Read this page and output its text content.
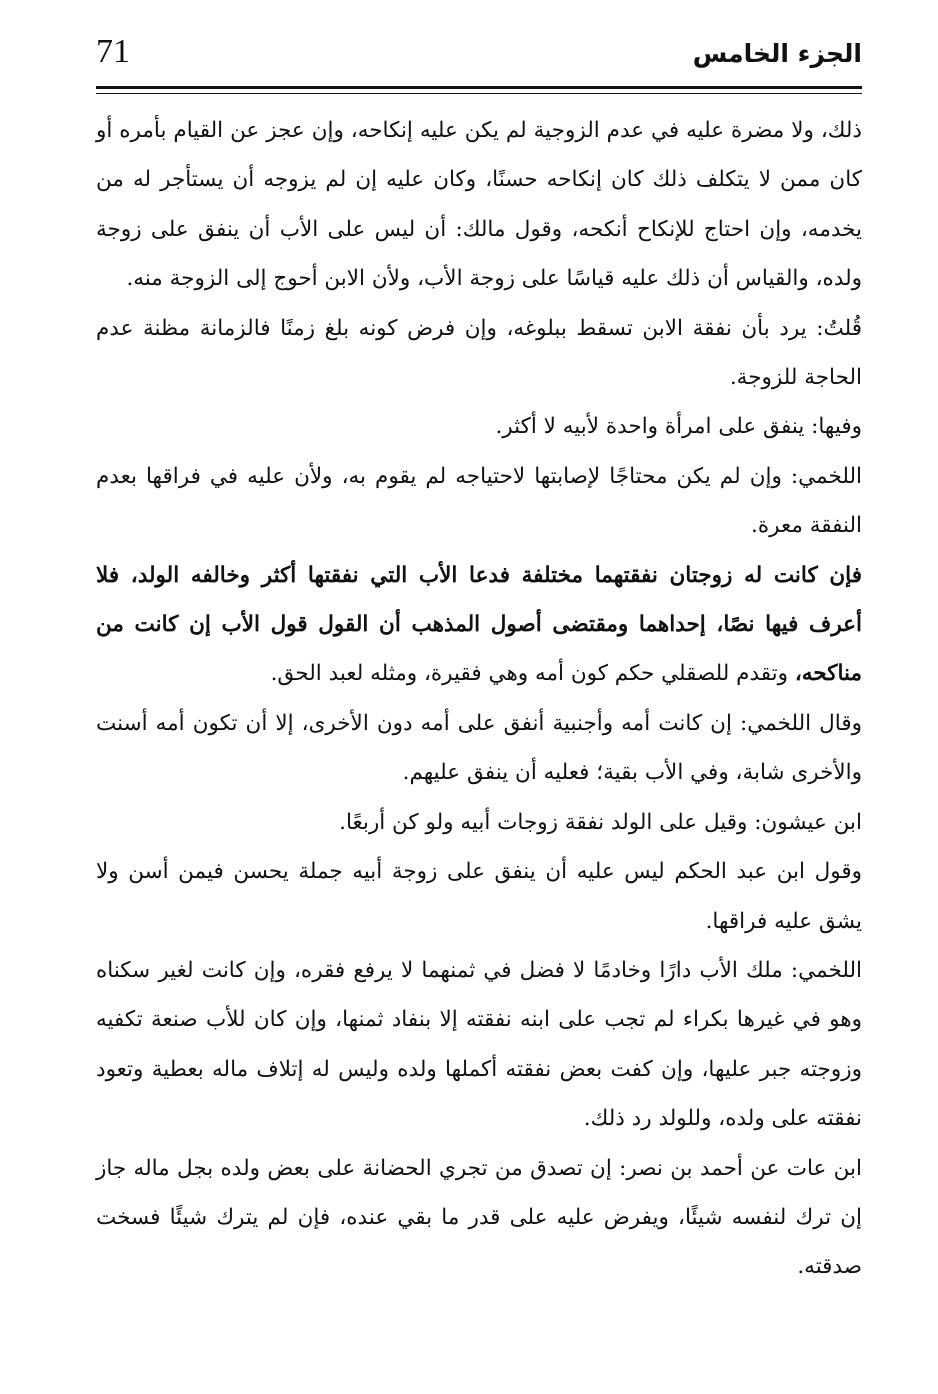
71	الجزء الخامس

ذلك، ولا مضرة عليه في عدم الزوجية لم يكن عليه إنكاحه، وإن عجز عن القيام بأمره أو كان ممن لا يتكلف ذلك كان إنكاحه حسنًا، وكان عليه إن لم يزوجه أن يستأجر له من يخدمه، وإن احتاج للإنكاح أنكحه، وقول مالك: أن ليس على الأب أن ينفق على زوجة ولده، والقياس أن ذلك عليه قياسًا على زوجة الأب، ولأن الابن أحوج إلى الزوجة منه.

قُلتُ: يرد بأن نفقة الابن تسقط ببلوغه، وإن فرض كونه بلغ زمنًا فالزمانة مظنة عدم الحاجة للزوجة.

وفيها: ينفق على امرأة واحدة لأبيه لا أكثر.

اللخمي: وإن لم يكن محتاجًا لإصابتها لاحتياجه لم يقوم به، ولأن عليه في فراقها بعدم النفقة معرة.

فإن كانت له زوجتان نفقتهما مختلفة فدعا الأب التي نفقتها أكثر وخالفه الولد، فلا أعرف فيها نصًا، إحداهما ومقتضى أصول المذهب أن القول قول الأب إن كانت من مناكحه، وتقدم للصقلي حكم كون أمه وهي فقيرة، ومثله لعبد الحق.

وقال اللخمي: إن كانت أمه وأجنبية أنفق على أمه دون الأخرى، إلا أن تكون أمه أسنت والأخرى شابة، وفي الأب بقية؛ فعليه أن ينفق عليهم.

ابن عيشون: وقيل على الولد نفقة زوجات أبيه ولو كن أربعًا.

وقول ابن عبد الحكم ليس عليه أن ينفق على زوجة أبيه جملة يحسن فيمن أسن ولا يشق عليه فراقها.

اللخمي: ملك الأب دارًا وخادمًا لا فضل في ثمنهما لا يرفع فقره، وإن كانت لغير سكناه وهو في غيرها بكراء لم تجب على ابنه نفقته إلا بنفاد ثمنها، وإن كان للأب صنعة تكفيه وزوجته جبر عليها، وإن كفت بعض نفقته أكملها ولده وليس له إتلاف ماله بعطية وتعود نفقته على ولده، وللولد رد ذلك.

ابن عات عن أحمد بن نصر: إن تصدق من تجري الحضانة على بعض ولده بجل ماله جاز إن ترك لنفسه شيئًا، ويفرض عليه على قدر ما بقي عنده، فإن لم يترك شيئًا فسخت صدقته.
